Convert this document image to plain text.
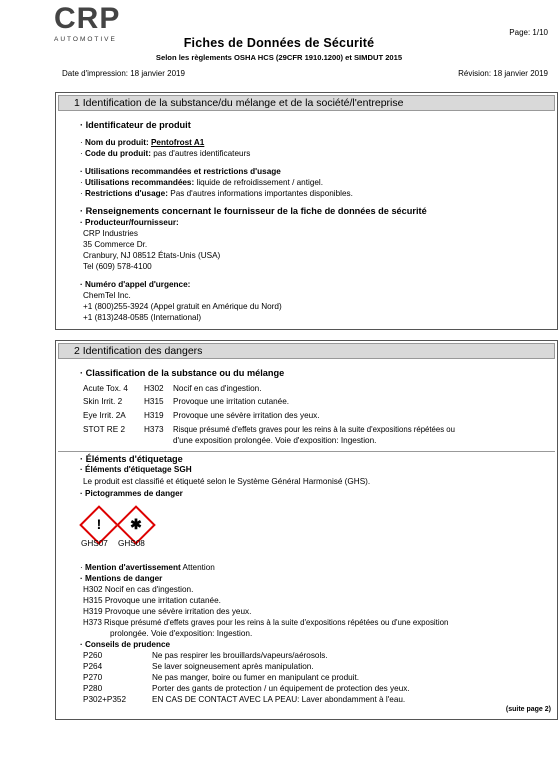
CRP
AUTOMOTIVE
Page: 1/10
Fiches de Données de Sécurité
Selon les règlements OSHA HCS (29CFR 1910.1200) et SIMDUT 2015
Date d'impression: 18 janvier 2019	Révision: 18 janvier 2019
1 Identification de la substance/du mélange et de la société/l'entreprise
· Identificateur de produit
· Nom du produit: Pentofrost A1
· Code du produit: pas d'autres identificateurs
· Utilisations recommandées et restrictions d'usage
· Utilisations recommandées: liquide de refroidissement / antigel.
· Restrictions d'usage: Pas d'autres informations importantes disponibles.
· Renseignements concernant le fournisseur de la fiche de données de sécurité
· Producteur/fournisseur:
CRP Industries
35 Commerce Dr.
Cranbury, NJ 08512 États-Unis (USA)
Tel (609) 578-4100
· Numéro d'appel d'urgence:
ChemTel Inc.
+1 (800)255-3924 (Appel gratuit en Amérique du Nord)
+1 (813)248-0585 (International)
2 Identification des dangers
· Classification de la substance ou du mélange
Acute Tox. 4 H302 Nocif en cas d'ingestion.
Skin Irrit. 2	H315 Provoque une irritation cutanée.
Eye Irrit. 2A H319 Provoque une sévère irritation des yeux.
STOT RE 2 H373 Risque présumé d'effets graves pour les reins à la suite d'expositions répétées ou
d'une exposition prolongée. Voie d'exposition: Ingestion.
· Éléments d'étiquetage
· Éléments d'étiquetage SGH
Le produit est classifié et étiqueté selon le Système Général Harmonisé (GHS).
· Pictogrammes de danger
!	✱
GHS07 GHS08
· Mention d'avertissement Attention
· Mentions de danger
H302 Nocif en cas d'ingestion.
H315 Provoque une irritation cutanée.
H319 Provoque une sévère irritation des yeux.
H373 Risque présumé d'effets graves pour les reins à la suite d'expositions répétées ou d'une exposition
prolongée. Voie d'exposition: Ingestion.
· Conseils de prudence
P260	Ne pas respirer les brouillards/vapeurs/aérosols.
P264	Se laver soigneusement après manipulation.
P270	Ne pas manger, boire ou fumer en manipulant ce produit.
P280	Porter des gants de protection / un équipement de protection des yeux.
P302+P352	EN CAS DE CONTACT AVEC LA PEAU: Laver abondamment à l'eau.
(suite page 2)
